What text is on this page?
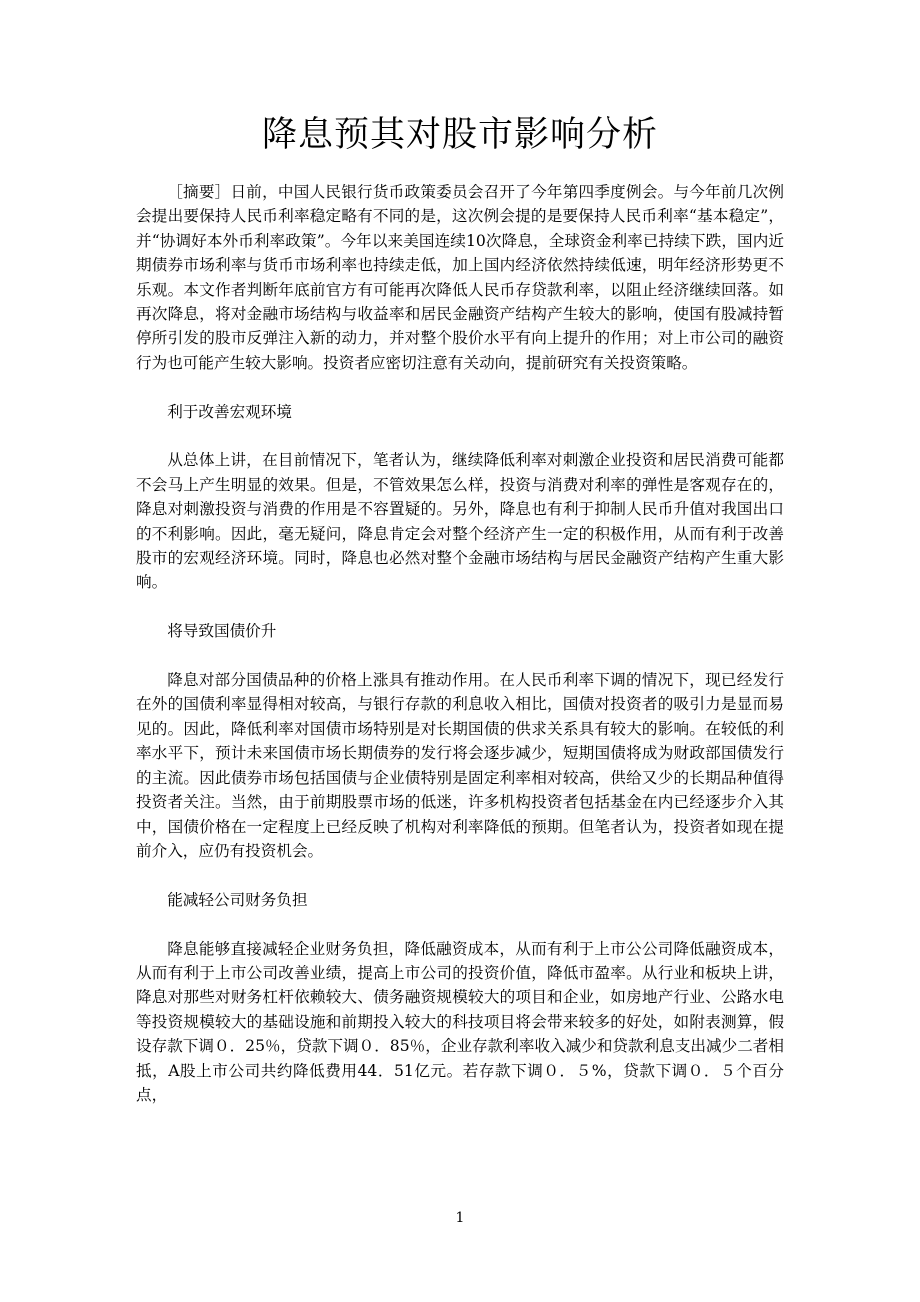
降息预其对股市影响分析

［摘要］日前，中国人民银行货币政策委员会召开了今年第四季度例会。与今年前几次例会提出要保持人民币利率稳定略有不同的是，这次例会提的是要保持人民币利率“基本稳定”，并“协调好本外币利率政策”。今年以来美国连续10次降息，全球资金利率已持续下跌，国内近期债券市场利率与货币市场利率也持续走低，加上国内经济依然持续低速，明年经济形势更不乐观。本文作者判断年底前官方有可能再次降低人民币存贷款利率，以阻止经济继续回落。如再次降息，将对金融市场结构与收益率和居民金融资产结构产生较大的影响，使国有股减持暂停所引发的股市反弹注入新的动力，并对整个股价水平有向上提升的作用；对上市公司的融资行为也可能产生较大影响。投资者应密切注意有关动向，提前研究有关投资策略。

利于改善宏观环境

从总体上讲，在目前情况下，笔者认为，继续降低利率对刺激企业投资和居民消费可能都不会马上产生明显的效果。但是，不管效果怎么样，投资与消费对利率的弹性是客观存在的，降息对刺激投资与消费的作用是不容置疑的。另外，降息也有利于抑制人民币升值对我国出口的不利影响。因此，毫无疑问，降息肯定会对整个经济产生一定的积极作用，从而有利于改善股市的宏观经济环境。同时，降息也必然对整个金融市场结构与居民金融资产结构产生重大影响。

将导致国债价升

降息对部分国债品种的价格上涨具有推动作用。在人民币利率下调的情况下，现已经发行在外的国债利率显得相对较高，与银行存款的利息收入相比，国债对投资者的吸引力是显而易见的。因此，降低利率对国债市场特别是对长期国债的供求关系具有较大的影响。在较低的利率水平下，预计未来国债市场长期债券的发行将会逐步减少，短期国债将成为财政部国债发行的主流。因此债券市场包括国债与企业债特别是固定利率相对较高，供给又少的长期品种值得投资者关注。当然，由于前期股票市场的低迷，许多机构投资者包括基金在内已经逐步介入其中，国债价格在一定程度上已经反映了机构对利率降低的预期。但笔者认为，投资者如现在提前介入，应仍有投资机会。

能减轻公司财务负担

降息能够直接减轻企业财务负担，降低融资成本，从而有利于上市公公司降低融资成本，从而有利于上市公司改善业绩，提高上市公司的投资价值，降低市盈率。从行业和板块上讲，降息对那些对财务杠杆依赖较大、债务融资规模较大的项目和企业，如房地产行业、公路水电等投资规模较大的基础设施和前期投入较大的科技项目将会带来较多的好处，如附表测算，假设存款下调０．25％，贷款下调０．85％，企业存款利率收入减少和贷款利息支出减少二者相抵，A股上市公司共约降低费用44．51亿元。若存款下调０．５%，贷款下调０．５个百分点，

1
